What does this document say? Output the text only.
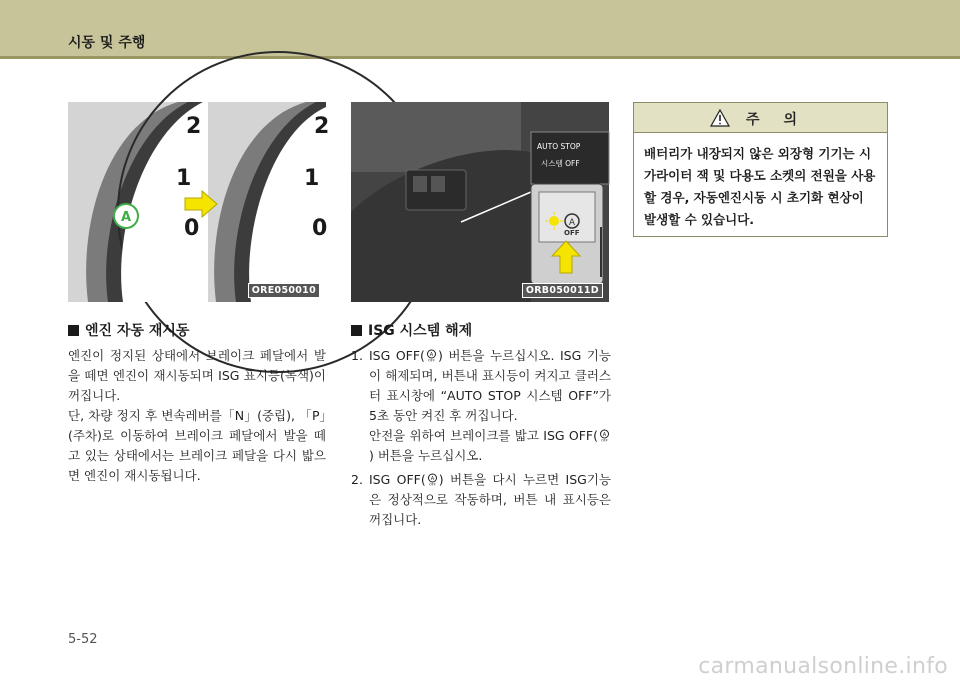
시동 및 주행
2
1
0
2
1
0
A
ORE050010
AUTO STOP
시스템 OFF
A
OFF
ORB050011D
엔진 자동 재시동
엔진이 정지된 상태에서 브레이크 페달에서 발을 떼면 엔진이 재시동되며 ISG 표시등(녹색)이 꺼집니다.
단, 차량 정지 후 변속레버를「N」(중립), 「P」(주차)로 이동하여 브레이크 페달에서 발을 떼고 있는 상태에서는 브레이크 페달을 다시 밟으면 엔진이 재시동됩니다.
ISG 시스템 해제
1. ISG OFF( A
OFF ) 버튼을 누르십시오. ISG 기능이 해제되며, 버튼내 표시등이 켜지고 클러스터 표시창에 “AUTO STOP 시스템 OFF”가 5초 동안 켜진 후 꺼집니다.
안전을 위하여 브레이크를 밟고 ISG OFF( A
OFF
) 버튼을 누르십시오.
2. ISG OFF( A
OFF ) 버튼을 다시 누르면 ISG기능은 정상적으로 작동하며, 버튼 내 표시등은 꺼집니다.
주의
배터리가 내장되지 않은 외장형 기기는 시가라이터 잭 및 다용도 소켓의 전원을 사용할 경우, 자동엔진시동 시 초기화 현상이 발생할 수 있습니다.
5-52
carmanualsonline.info
